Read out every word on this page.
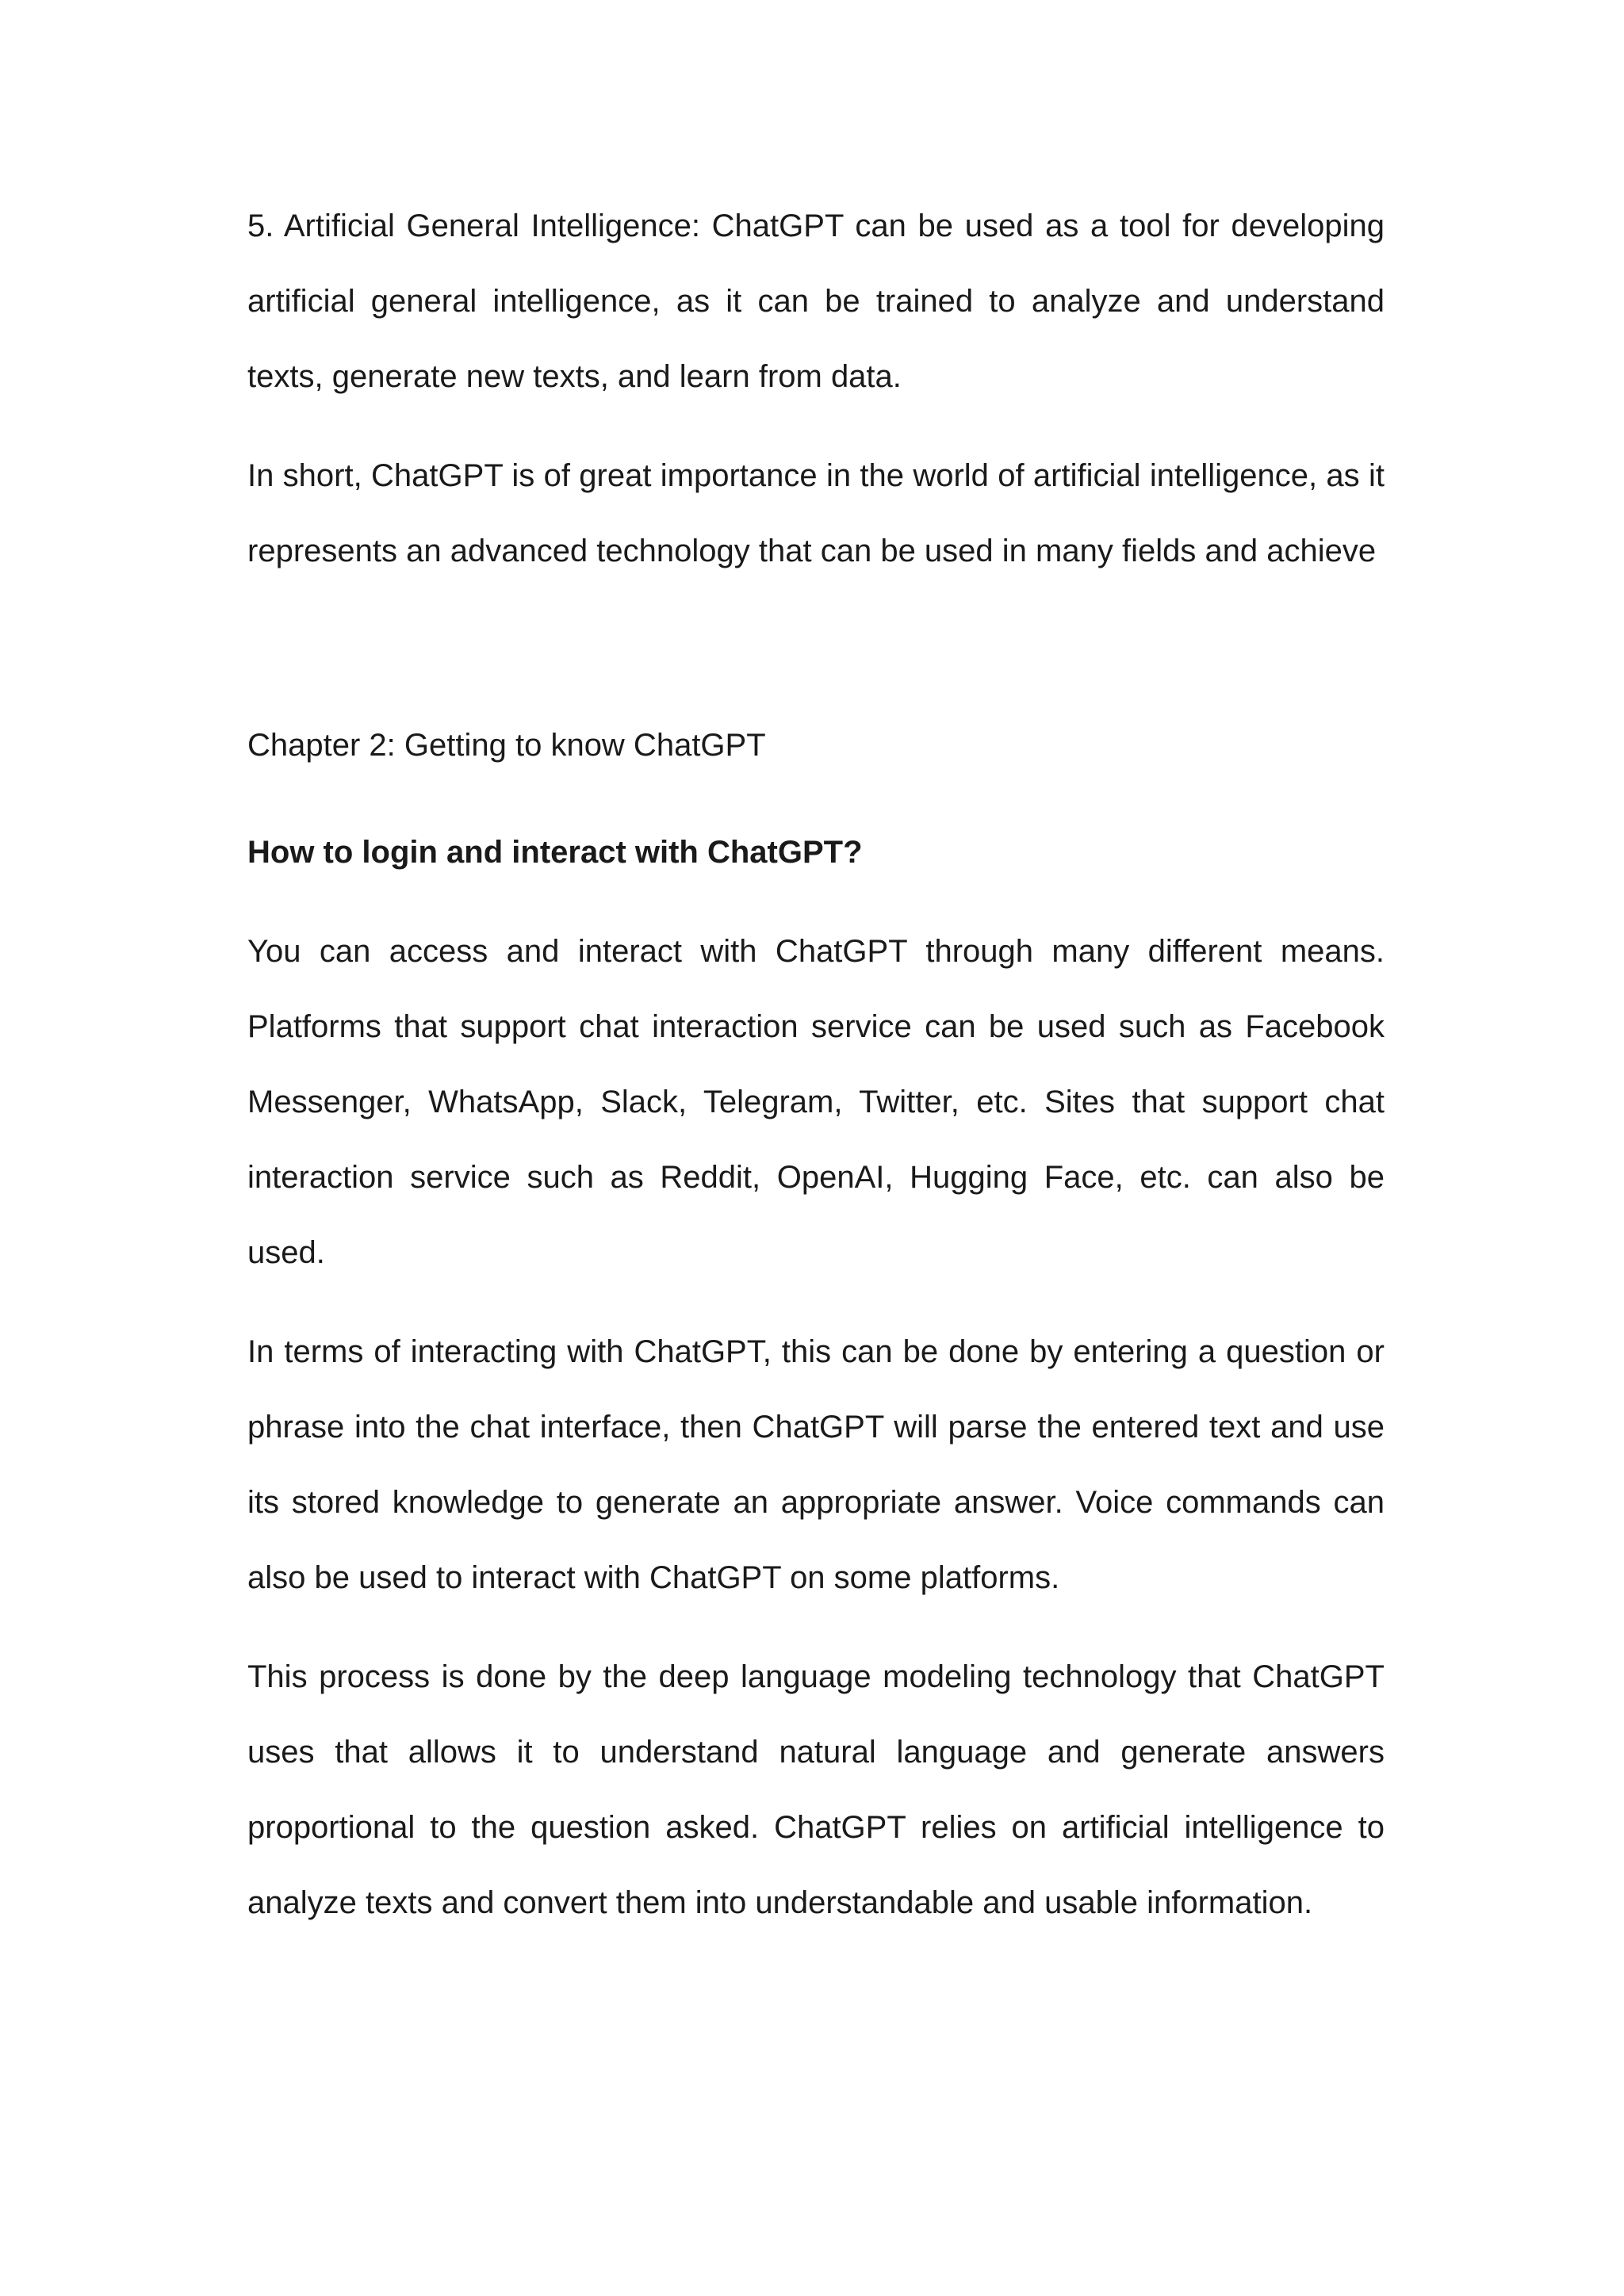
5. Artificial General Intelligence: ChatGPT can be used as a tool for developing artificial general intelligence, as it can be trained to analyze and understand texts, generate new texts, and learn from data.

In short, ChatGPT is of great importance in the world of artificial intelligence, as it represents an advanced technology that can be used in many fields and achieve

Chapter 2: Getting to know ChatGPT

How to login and interact with ChatGPT?

You can access and interact with ChatGPT through many different means. Platforms that support chat interaction service can be used such as Facebook Messenger, WhatsApp, Slack, Telegram, Twitter, etc. Sites that support chat interaction service such as Reddit, OpenAI, Hugging Face, etc. can also be used.

In terms of interacting with ChatGPT, this can be done by entering a question or phrase into the chat interface, then ChatGPT will parse the entered text and use its stored knowledge to generate an appropriate answer. Voice commands can also be used to interact with ChatGPT on some platforms.

This process is done by the deep language modeling technology that ChatGPT uses that allows it to understand natural language and generate answers proportional to the question asked. ChatGPT relies on artificial intelligence to analyze texts and convert them into understandable and usable information.
